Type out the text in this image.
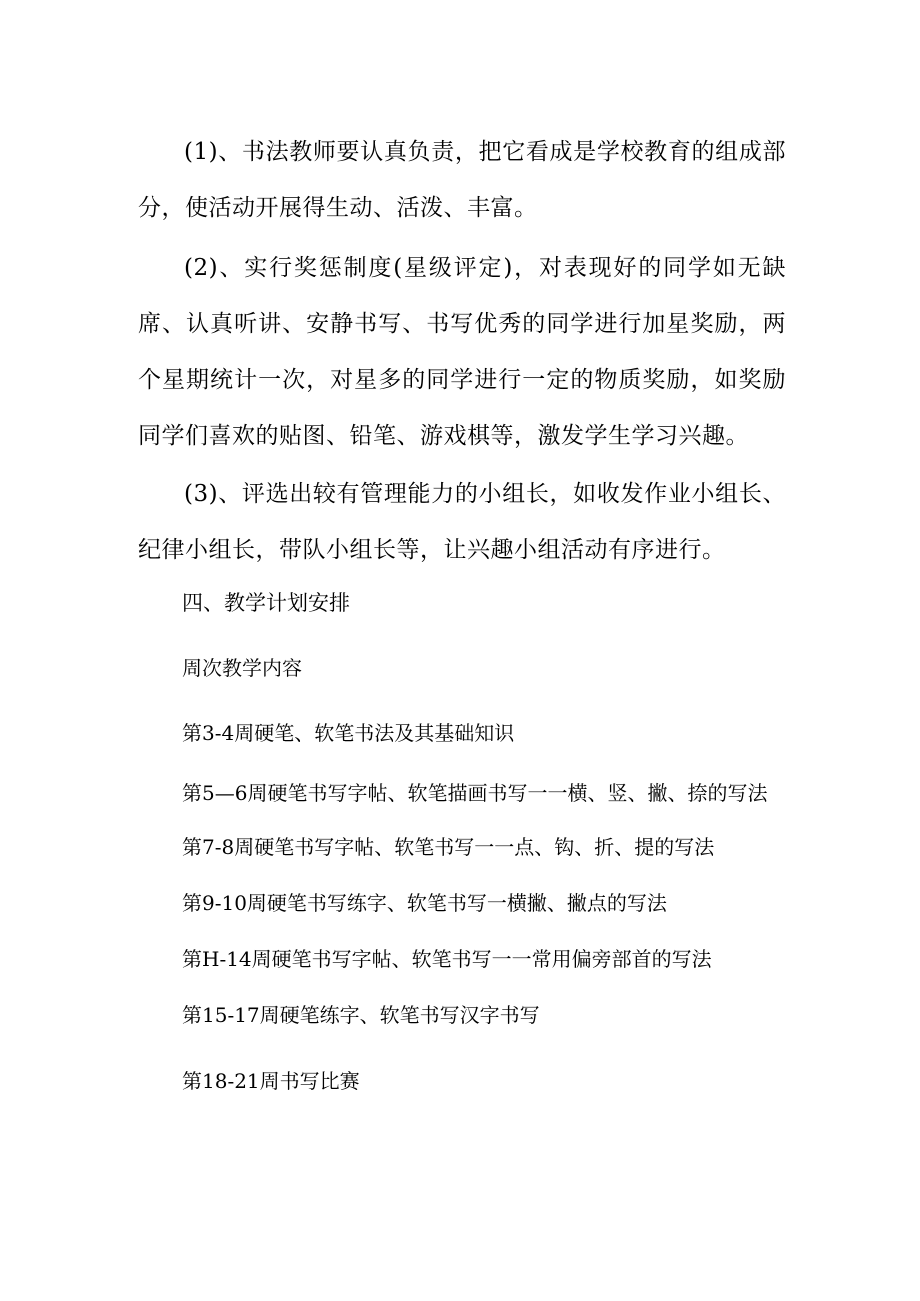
(1)、书法教师要认真负责，把它看成是学校教育的组成部分，使活动开展得生动、活泼、丰富。

(2)、实行奖惩制度(星级评定)，对表现好的同学如无缺席、认真听讲、安静书写、书写优秀的同学进行加星奖励，两个星期统计一次，对星多的同学进行一定的物质奖励，如奖励同学们喜欢的贴图、铅笔、游戏棋等，激发学生学习兴趣。

(3)、评选出较有管理能力的小组长，如收发作业小组长、纪律小组长，带队小组长等，让兴趣小组活动有序进行。

四、教学计划安排

周次教学内容

第3-4周硬笔、软笔书法及其基础知识

第5—6周硬笔书写字帖、软笔描画书写一一横、竖、撇、捺的写法

第7-8周硬笔书写字帖、软笔书写一一点、钩、折、提的写法

第9-10周硬笔书写练字、软笔书写一横撇、撇点的写法

第H-14周硬笔书写字帖、软笔书写一一常用偏旁部首的写法

第15-17周硬笔练字、软笔书写汉字书写

第18-21周书写比赛
